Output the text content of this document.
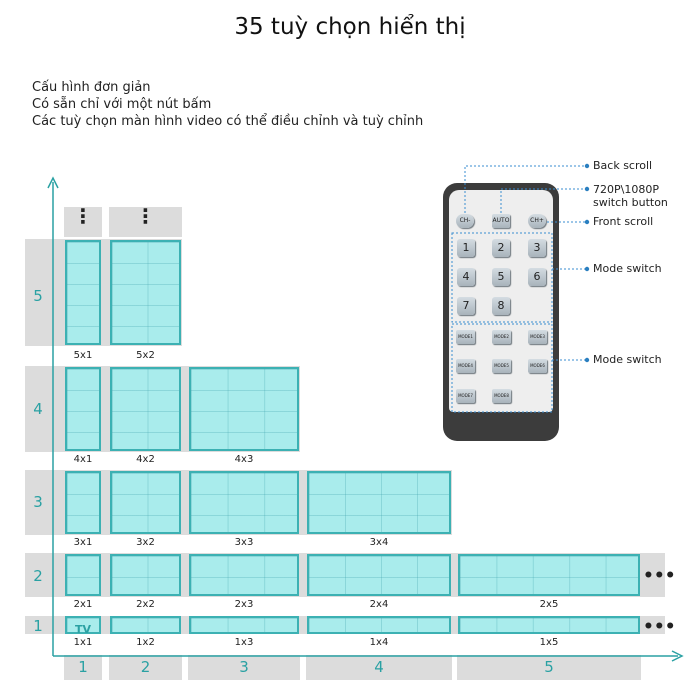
35 tuỳ chọn hiển thị
Cấu hình đơn giản
Có sẵn chỉ với một nút bấm
Các tuỳ chọn màn hình video có thể điều chỉnh và tuỳ chỉnh
5
4
3
2
1
1	2	3	4	5
⋮	⋮
•••
•••
5x1	5x2
4x1	4x2	4x3
3x1	3x2	3x3	3x4
2x1	2x2	2x3	2x4	2x5
TV
1x1	1x2	1x3	1x4	1x5
CH-	AUTO	CH+
1	2	3
4	5	6
7	8
MODE1	MODE2	MODE3
MODE4	MODE5	MODE6
MODE7	MODE8
Back scroll
720P\1080P
switch button
Front scroll
Mode switch
Mode switch
